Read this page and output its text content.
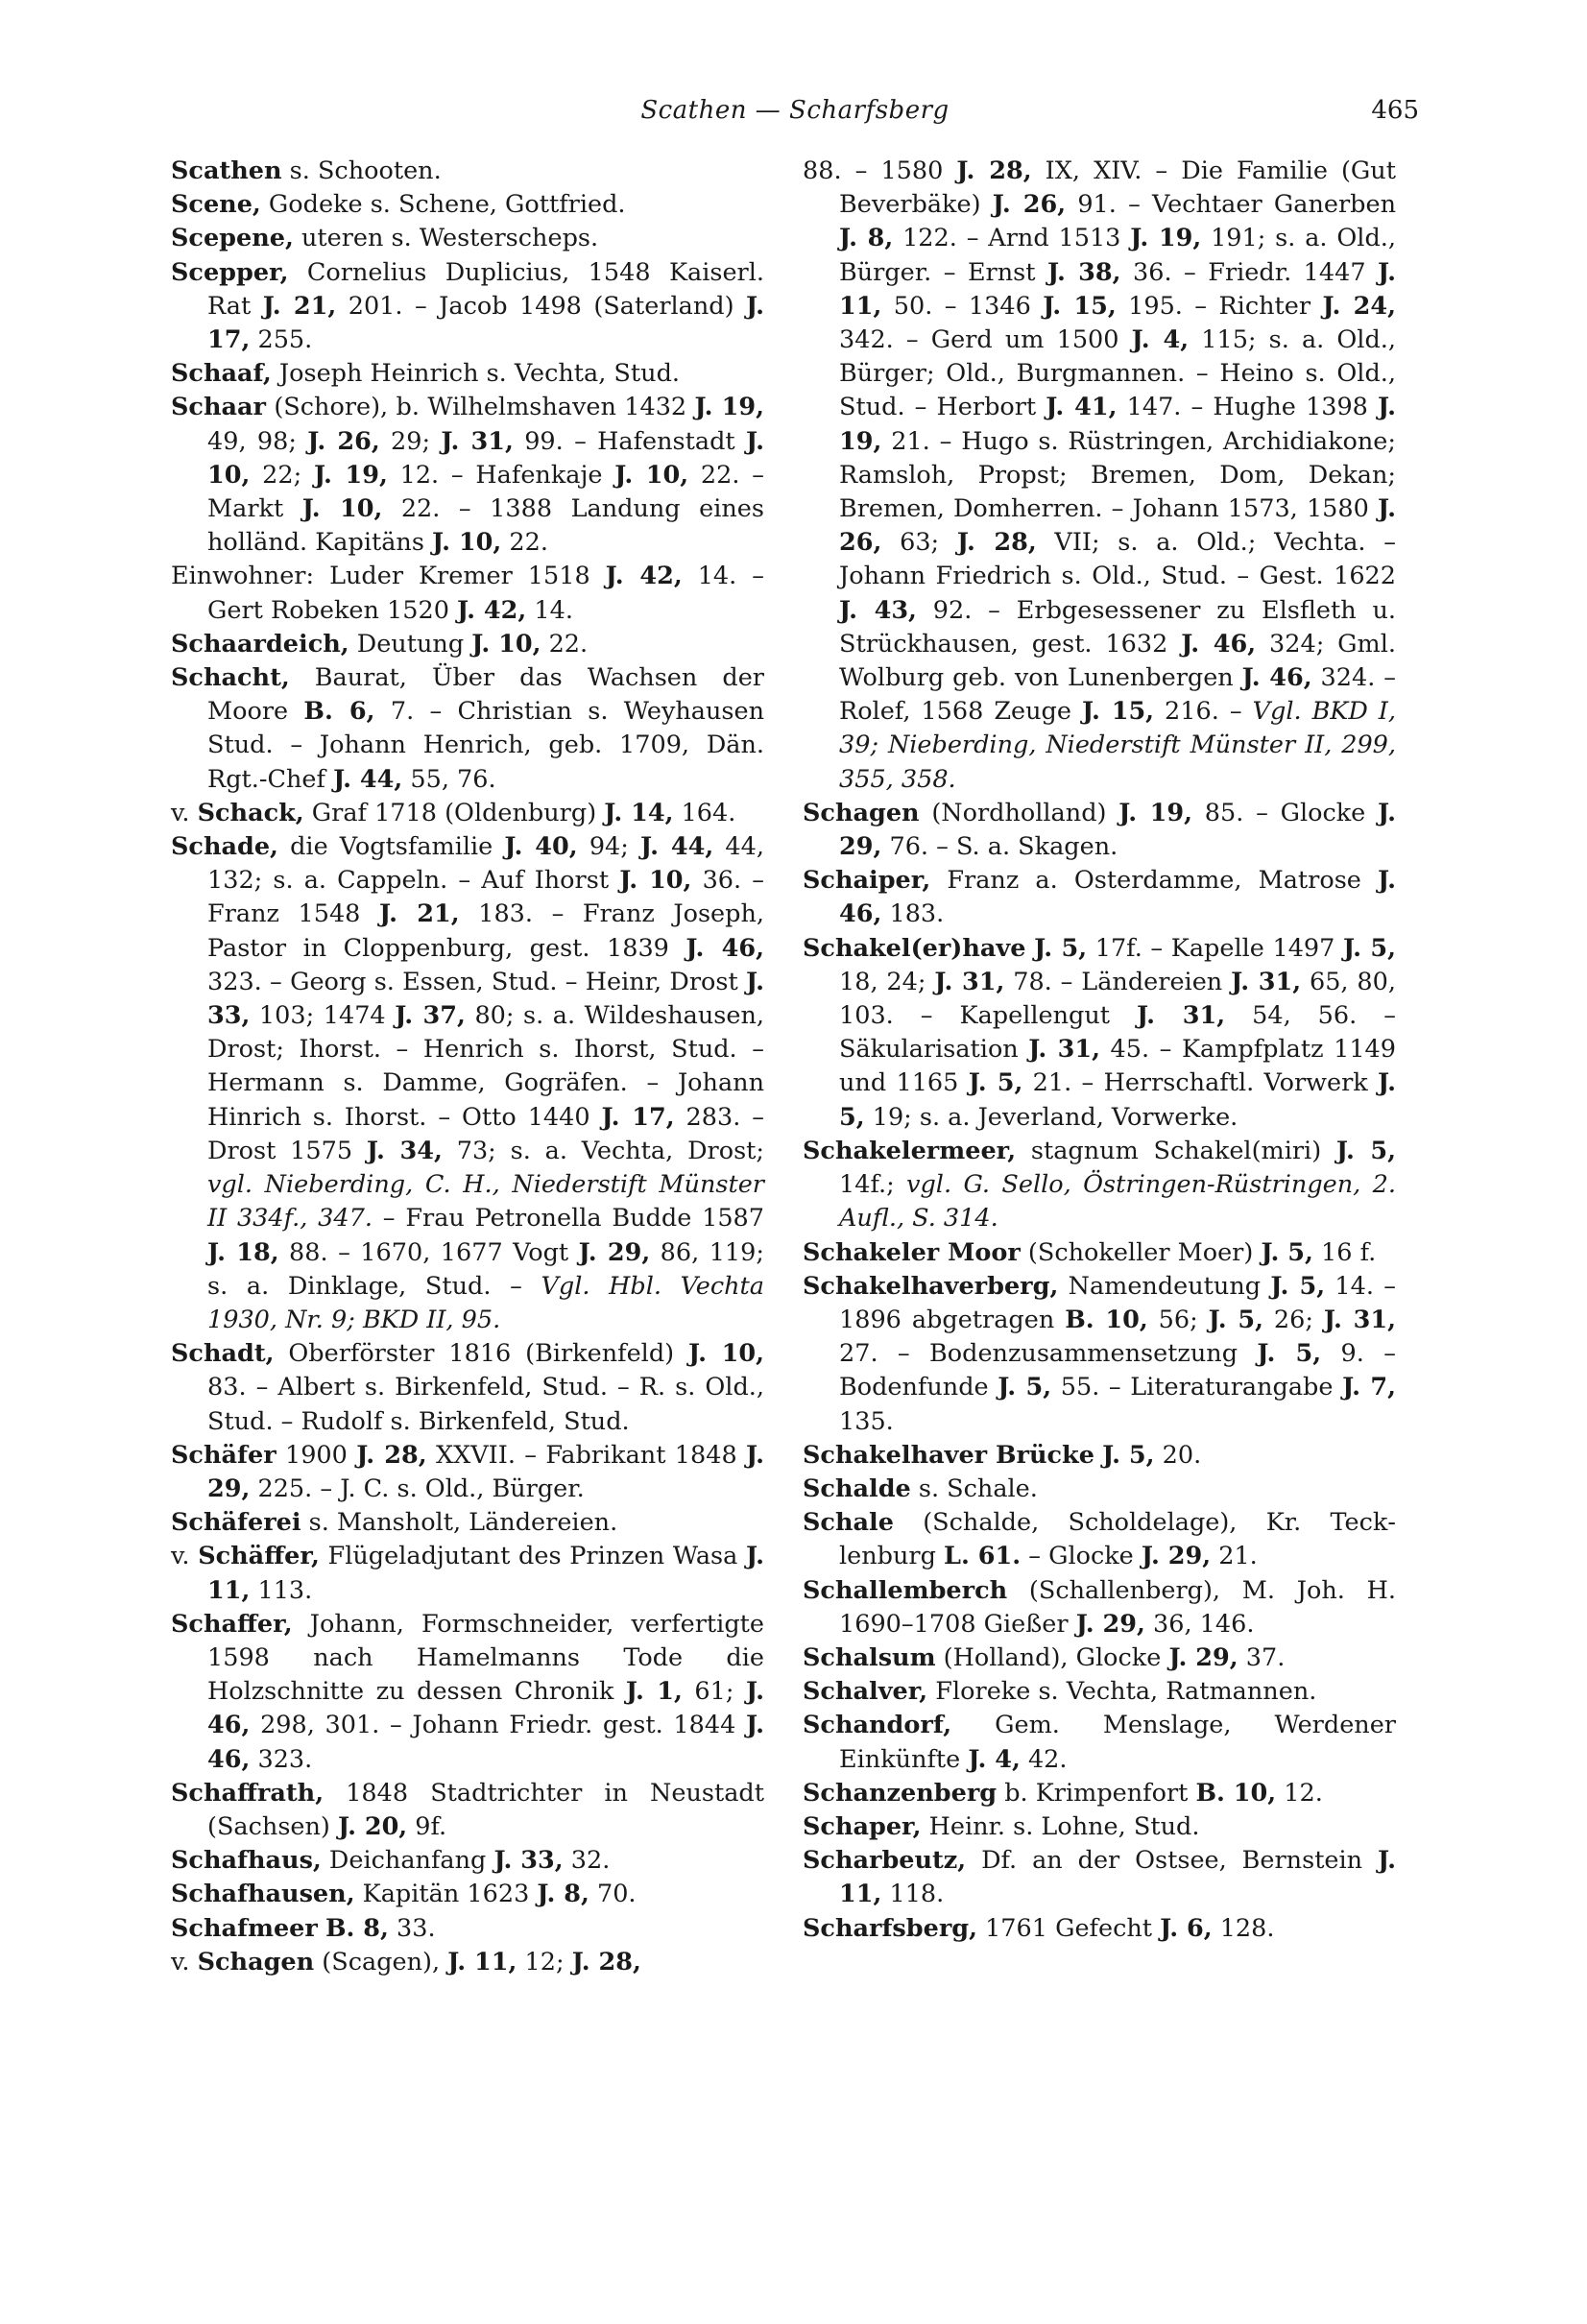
Scathen — Scharfsberg	465

Scathen s. Schooten.

Scene, Godeke s. Schene, Gottfried.

Scepene, uteren s. Westerscheps.

Scepper, Cornelius Duplicius, 1548 Kaiserl. Rat J. 21, 201. – Jacob 1498 (Saterland) J. 17, 255.

Schaaf, Joseph Heinrich s. Vechta, Stud.

Schaar (Schore), b. Wilhelmshaven 1432 J. 19, 49, 98; J. 26, 29; J. 31, 99. – Hafenstadt J. 10, 22; J. 19, 12. – Hafenkaje J. 10, 22. – Markt J. 10, 22. – 1388 Landung eines holländ. Kapitäns J. 10, 22.

Einwohner: Luder Kremer 1518 J. 42, 14. – Gert Robeken 1520 J. 42, 14.

Schaardeich, Deutung J. 10, 22.

Schacht, Baurat, Über das Wachsen der Moore B. 6, 7. – Christian s. Weyhausen Stud. – Johann Henrich, geb. 1709, Dän. Rgt.-Chef J. 44, 55, 76.

v. Schack, Graf 1718 (Oldenburg) J. 14, 164.

Schade, die Vogtsfamilie J. 40, 94; J. 44, 44, 132; s. a. Cappeln. – Auf Ihorst J. 10, 36. – Franz 1548 J. 21, 183. – Franz Joseph, Pastor in Cloppenburg, gest. 1839 J. 46, 323. – Georg s. Essen, Stud. – Heinr, Drost J. 33, 103; 1474 J. 37, 80; s. a. Wildeshausen, Drost; Ihorst. – Henrich s. Ihorst, Stud. – Hermann s. Damme, Gogräfen. – Johann Hinrich s. Ihorst. – Otto 1440 J. 17, 283. – Drost 1575 J. 34, 73; s. a. Vechta, Drost; vgl. Nieberding, C. H., Niederstift Münster II 334f., 347. – Frau Petronella Budde 1587 J. 18, 88. – 1670, 1677 Vogt J. 29, 86, 119; s. a. Dinklage, Stud. – Vgl. Hbl. Vechta 1930, Nr. 9; BKD II, 95.

Schadt, Oberförster 1816 (Birkenfeld) J. 10, 83. – Albert s. Birkenfeld, Stud. – R. s. Old., Stud. – Rudolf s. Birkenfeld, Stud.

Schäfer 1900 J. 28, XXVII. – Fabrikant 1848 J. 29, 225. – J. C. s. Old., Bürger.

Schäferei s. Mansholt, Ländereien.

v. Schäffer, Flügeladjutant des Prinzen Wasa J. 11, 113.

Schaffer, Johann, Formschneider, verfertigte 1598 nach Hamelmanns Tode die Holzschnitte zu dessen Chronik J. 1, 61; J. 46, 298, 301. – Johann Friedr. gest. 1844 J. 46, 323.

Schaffrath, 1848 Stadtrichter in Neustadt (Sachsen) J. 20, 9f.

Schafhaus, Deichanfang J. 33, 32.

Schafhausen, Kapitän 1623 J. 8, 70.

Schafmeer B. 8, 33.

v. Schagen (Scagen), J. 11, 12; J. 28,

88. – 1580 J. 28, IX, XIV. – Die Familie (Gut Beverbäke) J. 26, 91. – Vechtaer Ganerben J. 8, 122. – Arnd 1513 J. 19, 191; s. a. Old., Bürger. – Ernst J. 38, 36. – Friedr. 1447 J. 11, 50. – 1346 J. 15, 195. – Richter J. 24, 342. – Gerd um 1500 J. 4, 115; s. a. Old., Bürger; Old., Burgmannen. – Heino s. Old., Stud. – Herbort J. 41, 147. – Hughe 1398 J. 19, 21. – Hugo s. Rüstringen, Archidiakone; Ramsloh, Propst; Bremen, Dom, Dekan; Bremen, Domherren. – Johann 1573, 1580 J. 26, 63; J. 28, VII; s. a. Old.; Vechta. – Johann Friedrich s. Old., Stud. – Gest. 1622 J. 43, 92. – Erbgesessener zu Elsfleth u. Strückhausen, gest. 1632 J. 46, 324; Gml. Wolburg geb. von Lunenbergen J. 46, 324. – Rolef, 1568 Zeuge J. 15, 216. – Vgl. BKD I, 39; Nieberding, Niederstift Münster II, 299, 355, 358.

Schagen (Nordholland) J. 19, 85. – Glocke J. 29, 76. – S. a. Skagen.

Schaiper, Franz a. Osterdamme, Matrose J. 46, 183.

Schakel(er)have J. 5, 17f. – Kapelle 1497 J. 5, 18, 24; J. 31, 78. – Ländereien J. 31, 65, 80, 103. – Kapellengut J. 31, 54, 56. – Säkularisation J. 31, 45. – Kampfplatz 1149 und 1165 J. 5, 21. – Herrschaftl. Vorwerk J. 5, 19; s. a. Jeverland, Vorwerke.

Schakelermeer, stagnum Schakel(miri) J. 5, 14f.; vgl. G. Sello, Östringen-Rüstringen, 2. Aufl., S. 314.

Schakeler Moor (Schokeller Moer) J. 5, 16 f.

Schakelhaverberg, Namendeutung J. 5, 14. – 1896 abgetragen B. 10, 56; J. 5, 26; J. 31, 27. – Bodenzusammensetzung J. 5, 9. – Bodenfunde J. 5, 55. – Literaturangabe J. 7, 135.

Schakelhaver Brücke J. 5, 20.

Schalde s. Schale.

Schale (Schalde, Scholdelage), Kr. Tecklenburg L. 61. – Glocke J. 29, 21.

Schallemberch (Schallenberg), M. Joh. H. 1690–1708 Gießer J. 29, 36, 146.

Schalsum (Holland), Glocke J. 29, 37.

Schalver, Floreke s. Vechta, Ratmannen.

Schandorf, Gem. Menslage, Werdener Einkünfte J. 4, 42.

Schanzenberg b. Krimpenfort B. 10, 12.

Schaper, Heinr. s. Lohne, Stud.

Scharbeutz, Df. an der Ostsee, Bernstein J. 11, 118.

Scharfsberg, 1761 Gefecht J. 6, 128.
